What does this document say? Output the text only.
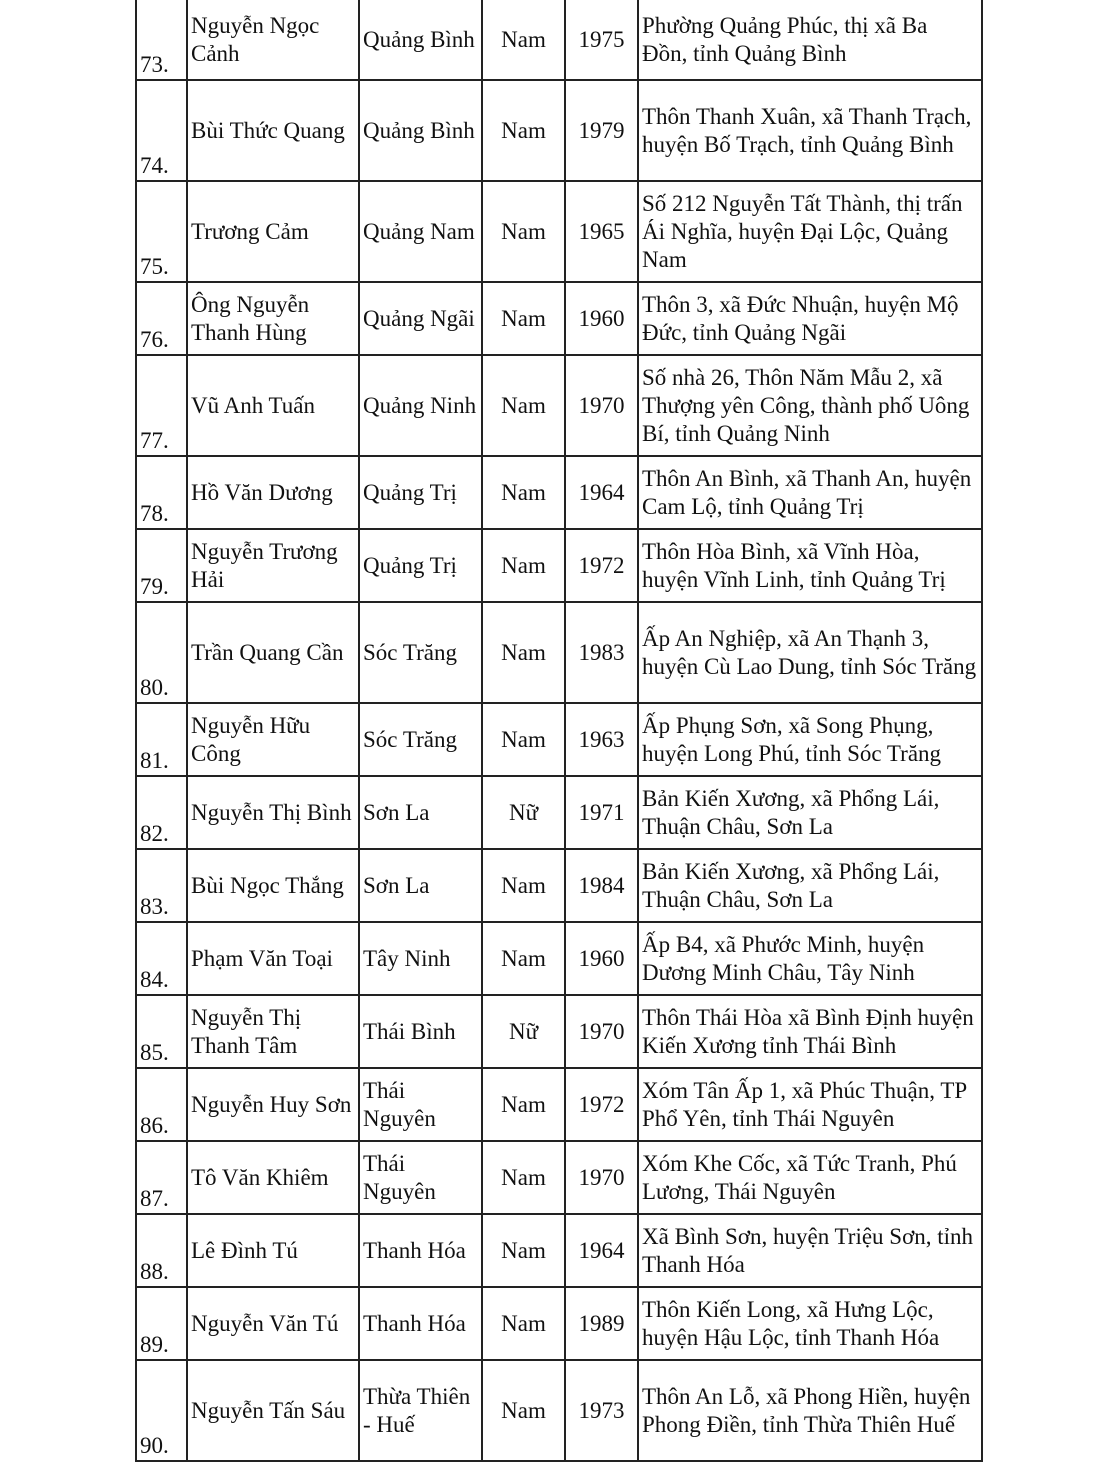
73.	Nguyễn Ngọc Cảnh	Quảng Bình	Nam	1975	Phường Quảng Phúc, thị xã Ba Đồn, tỉnh Quảng Bình
74.	Bùi Thức Quang	Quảng Bình	Nam	1979	Thôn Thanh Xuân, xã Thanh Trạch, huyện Bố Trạch, tỉnh Quảng Bình
75.	Trương Cảm	Quảng Nam	Nam	1965	Số 212 Nguyễn Tất Thành, thị trấn Ái Nghĩa, huyện Đại Lộc, Quảng Nam
76.	Ông Nguyễn Thanh Hùng	Quảng Ngãi	Nam	1960	Thôn 3, xã Đức Nhuận, huyện Mộ Đức, tỉnh Quảng Ngãi
77.	Vũ Anh Tuấn	Quảng Ninh	Nam	1970	Số nhà 26, Thôn Năm Mẫu 2, xã Thượng yên Công, thành phố Uông Bí, tỉnh Quảng Ninh
78.	Hồ Văn Dương	Quảng Trị	Nam	1964	Thôn An Bình, xã Thanh An, huyện Cam Lộ, tỉnh Quảng Trị
79.	Nguyễn Trương Hải	Quảng Trị	Nam	1972	Thôn Hòa Bình, xã Vĩnh Hòa, huyện Vĩnh Linh, tỉnh Quảng Trị
80.	Trần Quang Cần	Sóc Trăng	Nam	1983	Ấp An Nghiệp, xã An Thạnh 3, huyện Cù Lao Dung, tỉnh Sóc Trăng
81.	Nguyễn Hữu Công	Sóc Trăng	Nam	1963	Ấp Phụng Sơn, xã Song Phụng, huyện Long Phú, tỉnh Sóc Trăng
82.	Nguyễn Thị Bình	Sơn La	Nữ	1971	Bản Kiến Xương, xã Phổng Lái, Thuận Châu, Sơn La
83.	Bùi Ngọc Thắng	Sơn La	Nam	1984	Bản Kiến Xương, xã Phổng Lái, Thuận Châu, Sơn La
84.	Phạm Văn Toại	Tây Ninh	Nam	1960	Ấp B4, xã Phước Minh, huyện Dương Minh Châu, Tây Ninh
85.	Nguyễn Thị Thanh Tâm	Thái Bình	Nữ	1970	Thôn Thái Hòa xã Bình Định huyện Kiến Xương tỉnh Thái Bình
86.	Nguyễn Huy Sơn	Thái Nguyên	Nam	1972	Xóm Tân Ấp 1, xã Phúc Thuận, TP Phổ Yên, tỉnh Thái Nguyên
87.	Tô Văn Khiêm	Thái Nguyên	Nam	1970	Xóm Khe Cốc, xã Tức Tranh, Phú Lương, Thái Nguyên
88.	Lê Đình Tú	Thanh Hóa	Nam	1964	Xã Bình Sơn, huyện Triệu Sơn, tỉnh Thanh Hóa
89.	Nguyễn Văn Tú	Thanh Hóa	Nam	1989	Thôn Kiến Long, xã Hưng Lộc, huyện Hậu Lộc, tỉnh Thanh Hóa
90.	Nguyễn Tấn Sáu	Thừa Thiên - Huế	Nam	1973	Thôn An Lỗ, xã Phong Hiền, huyện Phong Điền, tỉnh Thừa Thiên Huế
